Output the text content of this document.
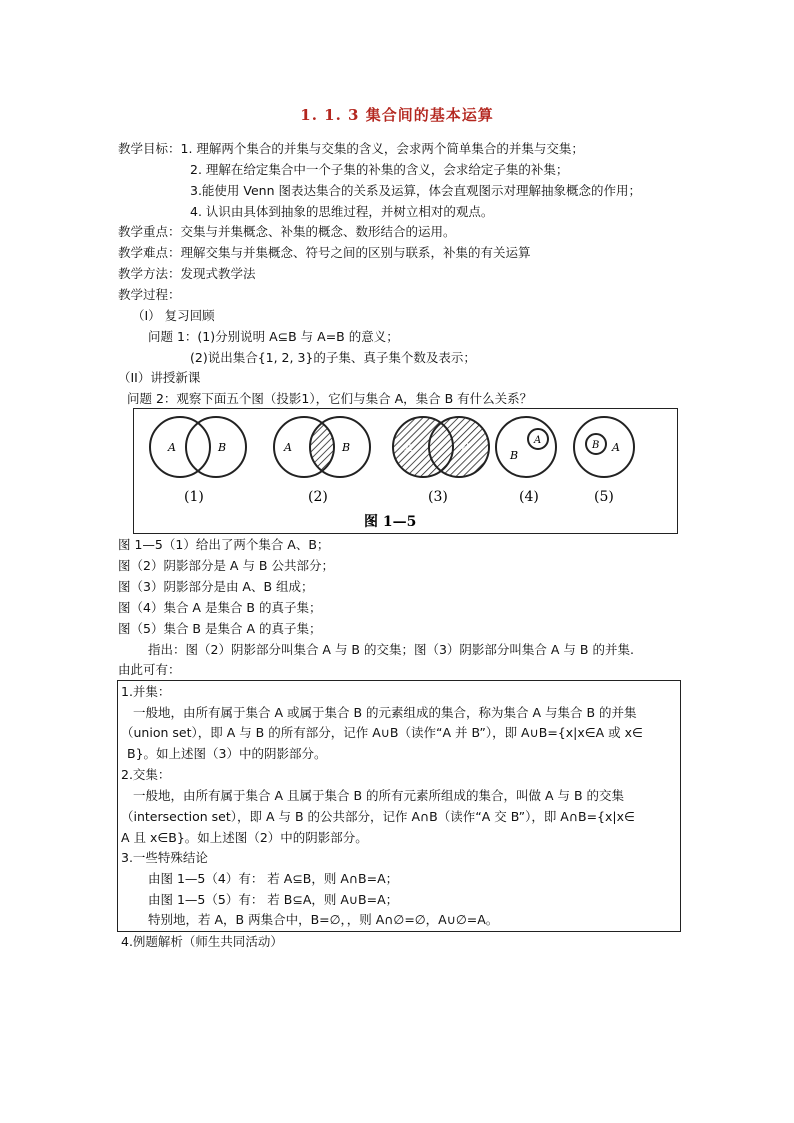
1. 1. 3 集合间的基本运算
教学目标：1. 理解两个集合的并集与交集的含义，会求两个简单集合的并集与交集；
2. 理解在给定集合中一个子集的补集的含义，会求给定子集的补集；
3.能使用 Venn 图表达集合的关系及运算，体会直观图示对理解抽象概念的作用；
4. 认识由具体到抽象的思维过程，并树立相对的观点。
教学重点：交集与并集概念、补集的概念、数形结合的运用。
教学难点：理解交集与并集概念、符号之间的区别与联系，补集的有关运算
教学方法：发现式教学法
教学过程：
（I） 复习回顾
问题 1：(1)分别说明 A⊆B 与 A=B 的意义；
(2)说出集合{1, 2, 3}的子集、真子集个数及表示；
（II）讲授新课
问题 2：观察下面五个图（投影1），它们与集合 A，集合 B 有什么关系？
A	B
(1)
A	B
(2)
A	B
(3)
A
B
(4)
B A
(5)
图 1—5
图 1—5（1）给出了两个集合 A、B；
图（2）阴影部分是 A 与 B 公共部分；
图（3）阴影部分是由 A、B 组成；
图（4）集合 A 是集合 B 的真子集；
图（5）集合 B 是集合 A 的真子集；
指出：图（2）阴影部分叫集合 A 与 B 的交集；图（3）阴影部分叫集合 A 与 B 的并集.
由此可有：
1.并集：
一般地，由所有属于集合 A 或属于集合 B 的元素组成的集合，称为集合 A 与集合 B 的并集
（union set），即 A 与 B 的所有部分，记作 A∪B（读作“A 并 B”），即 A∪B={x|x∈A 或 x∈
B}。如上述图（3）中的阴影部分。
2.交集：
一般地，由所有属于集合 A 且属于集合 B 的所有元素所组成的集合，叫做 A 与 B 的交集
（intersection set），即 A 与 B 的公共部分，记作 A∩B（读作“A 交 B”），即 A∩B={x|x∈
A 且 x∈B}。如上述图（2）中的阴影部分。
3.一些特殊结论
由图 1—5（4）有： 若 A⊆B，则 A∩B=A；
由图 1—5（5）有： 若 B⊆A，则 A∪B=A；
特别地，若 A，B 两集合中，B=∅，，则 A∩∅=∅，A∪∅=A。
4.例题解析（师生共同活动）
